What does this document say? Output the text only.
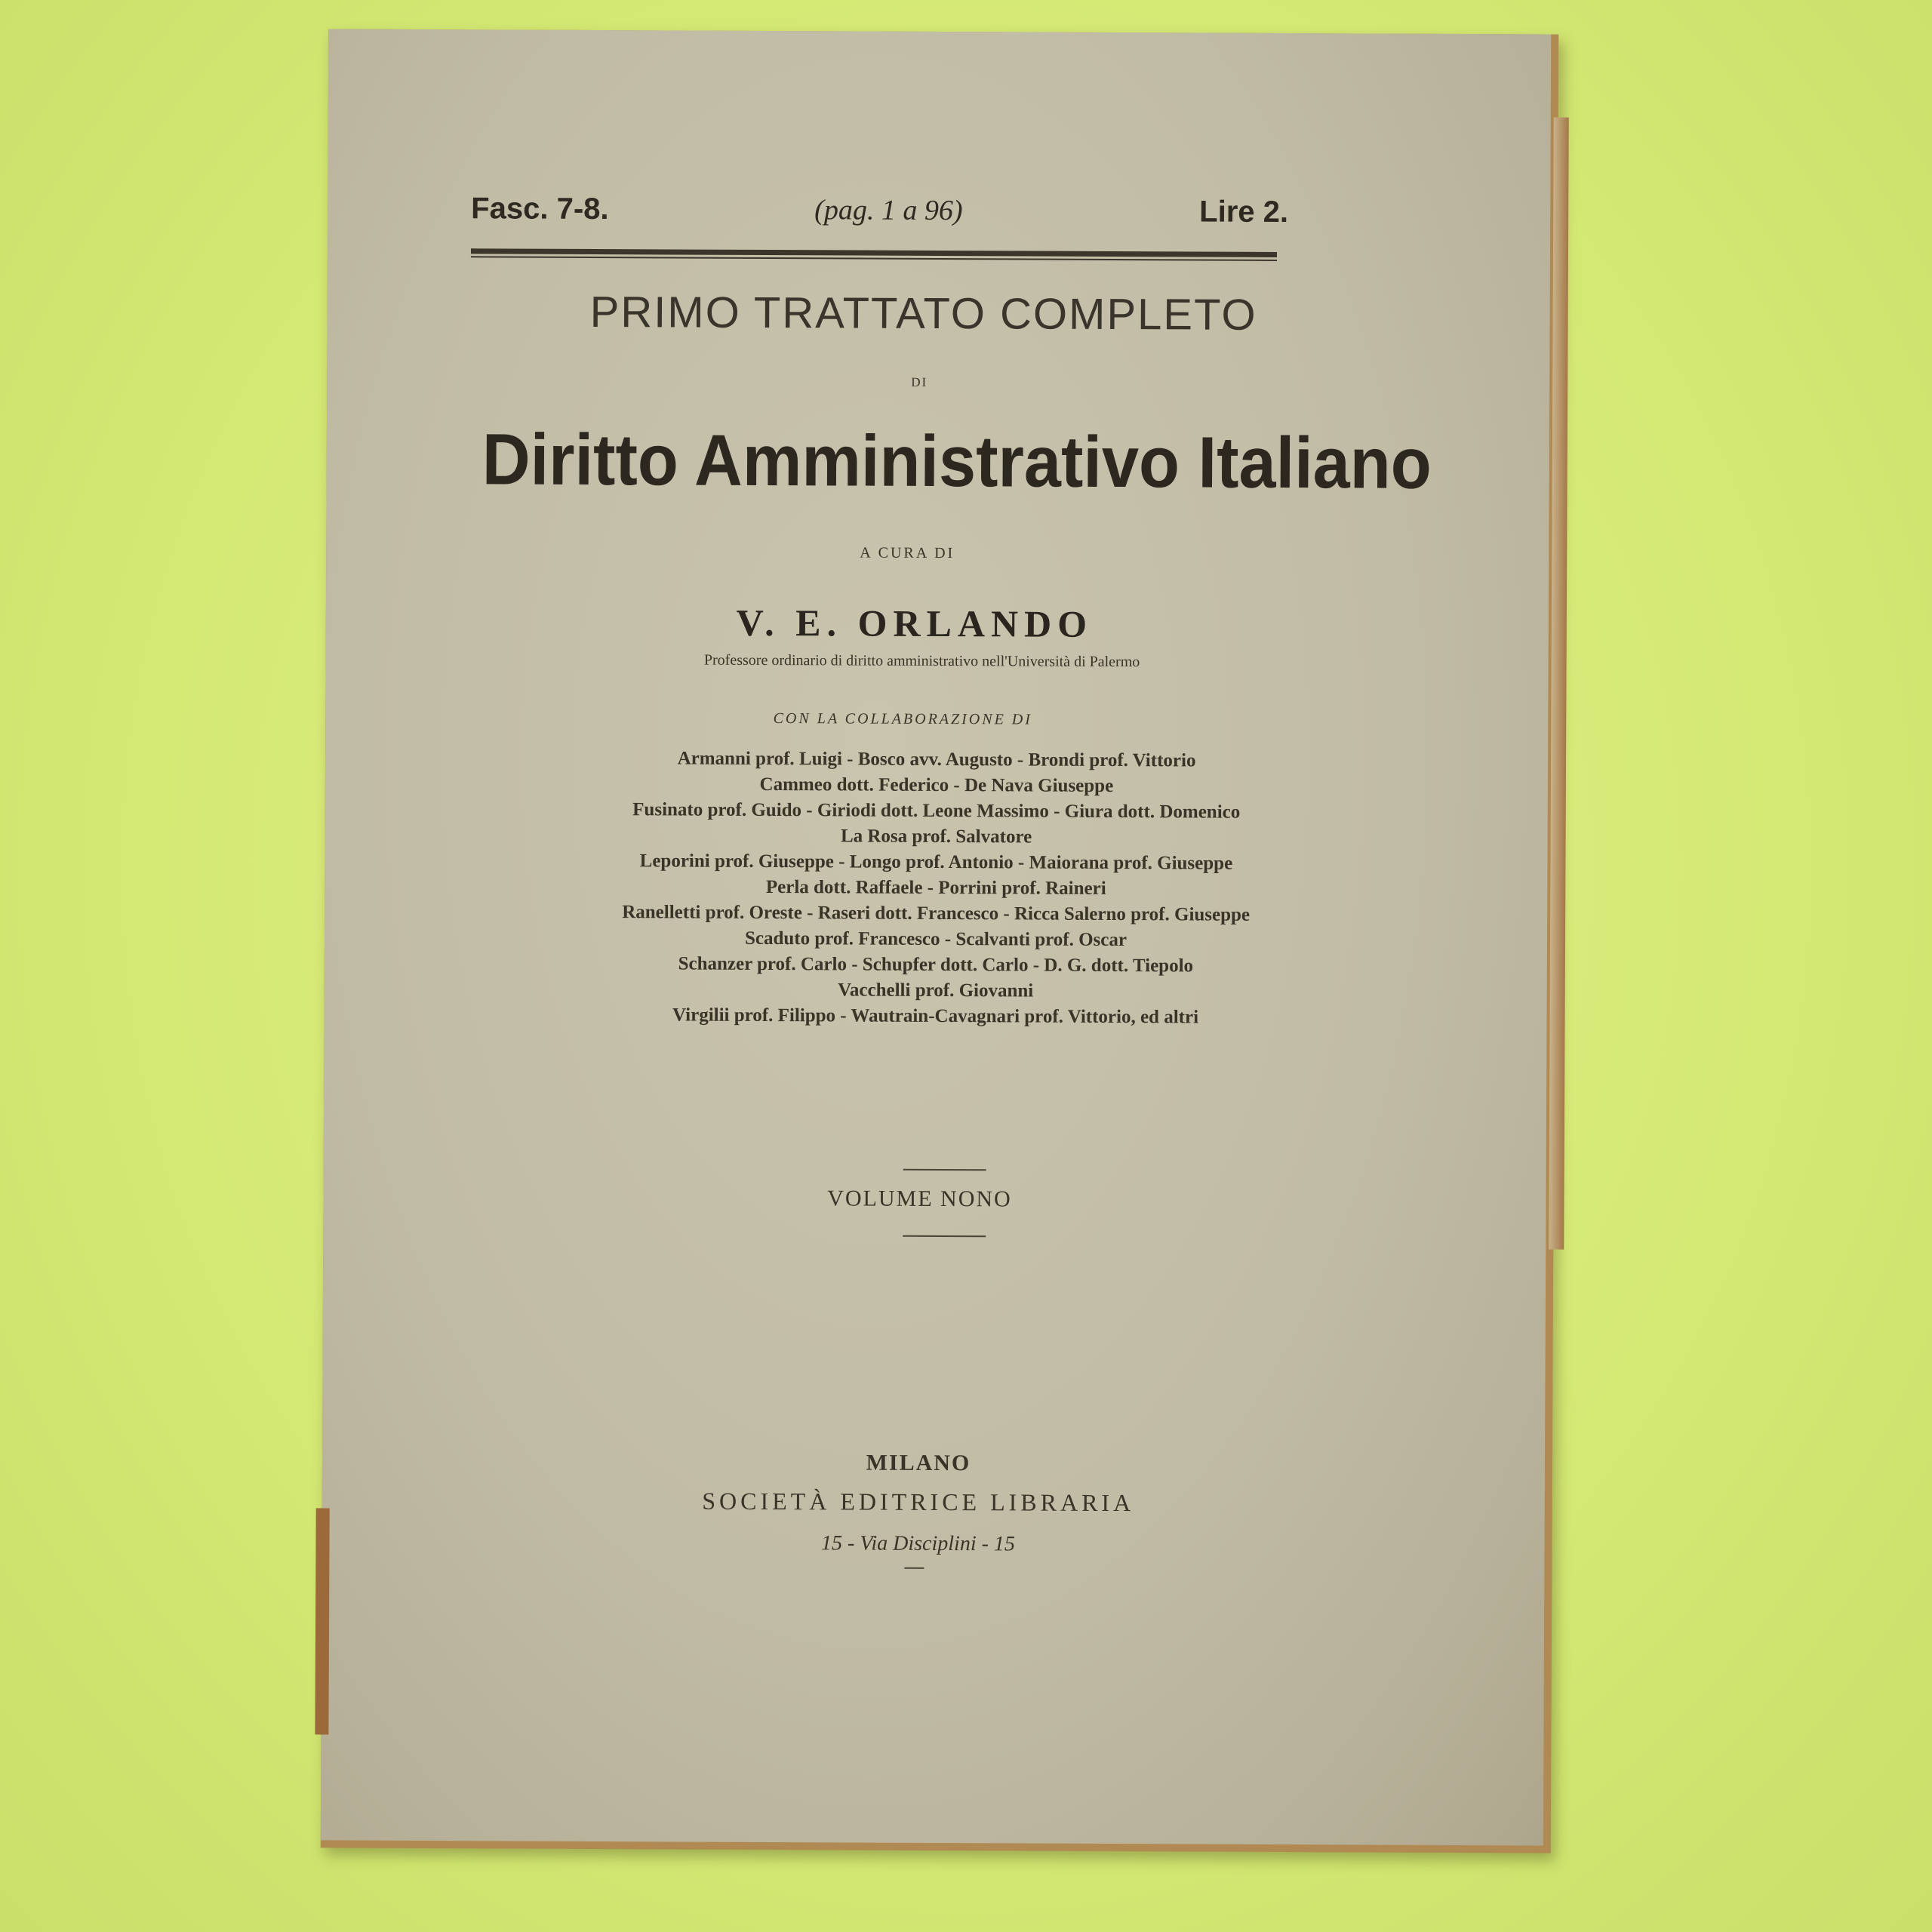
Fasc. 7-8.	(pag. 1 a 96)	Lire 2.
PRIMO TRATTATO COMPLETO
DI
Diritto Amministrativo Italiano
A CURA DI
V. E. ORLANDO
Professore ordinario di diritto amministrativo nell'Università di Palermo
CON LA COLLABORAZIONE DI
Armanni prof. Luigi - Bosco avv. Augusto - Brondi prof. Vittorio
Cammeo dott. Federico - De Nava Giuseppe
Fusinato prof. Guido - Giriodi dott. Leone Massimo - Giura dott. Domenico
La Rosa prof. Salvatore
Leporini prof. Giuseppe - Longo prof. Antonio - Maiorana prof. Giuseppe
Perla dott. Raffaele - Porrini prof. Raineri
Ranelletti prof. Oreste - Raseri dott. Francesco - Ricca Salerno prof. Giuseppe
Scaduto prof. Francesco - Scalvanti prof. Oscar
Schanzer prof. Carlo - Schupfer dott. Carlo - D. G. dott. Tiepolo
Vacchelli prof. Giovanni
Virgilii prof. Filippo - Wautrain-Cavagnari prof. Vittorio, ed altri
VOLUME NONO
MILANO
SOCIETÀ EDITRICE LIBRARIA
15 - Via Disciplini - 15
